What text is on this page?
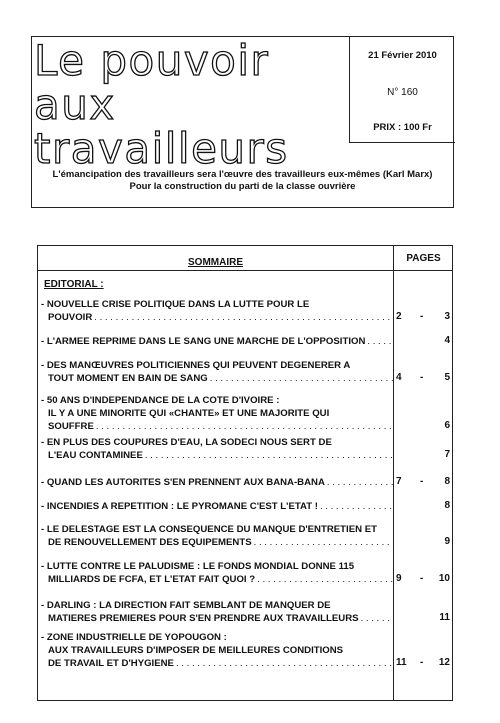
Le pouvoir
aux
travailleurs
21 Février 2010
N° 160
PRIX : 100 Fr
L'émancipation des travailleurs sera l'œuvre des travailleurs eux-mêmes (Karl Marx)
Pour la construction du parti de la classe ouvrière
SOMMAIRE	PAGES
EDITORIAL :
- NOUVELLE CRISE POLITIQUE DANS LA LUTTE POUR LE
POUVOIR . . .	2 - 3
- L'ARMEE REPRIME DANS LE SANG UNE MARCHE DE L'OPPOSITION . . .	4
- DES MANŒUVRES POLITICIENNES QUI PEUVENT DEGENERER A
TOUT MOMENT EN BAIN DE SANG . . .	4 - 5
- 50 ANS D'INDEPENDANCE DE LA COTE D'IVOIRE :
IL Y A UNE MINORITE QUI «CHANTE» ET UNE MAJORITE QUI
SOUFFRE . . .	6
- EN PLUS DES COUPURES D'EAU, LA SODECI NOUS SERT DE
L'EAU CONTAMINEE . . .	7
- QUAND LES AUTORITES S'EN PRENNENT AUX BANA-BANA . . .	7 - 8
- INCENDIES A REPETITION : LE PYROMANE C'EST L'ETAT ! . . .	8
- LE DELESTAGE EST LA CONSEQUENCE DU MANQUE D'ENTRETIEN ET
DE RENOUVELLEMENT DES EQUIPEMENTS . . .	9
- LUTTE CONTRE LE PALUDISME : LE FONDS MONDIAL DONNE 115
MILLIARDS DE FCFA, ET L'ETAT FAIT QUOI ? . . .	9 - 10
- DARLING : LA DIRECTION FAIT SEMBLANT DE MANQUER DE
MATIERES PREMIERES POUR S'EN PRENDRE AUX TRAVAILLEURS . . .	11
- ZONE INDUSTRIELLE DE YOPOUGON :
AUX TRAVAILLEURS D'IMPOSER DE MEILLEURES CONDITIONS
DE TRAVAIL ET D'HYGIENE . . .	11 - 12
